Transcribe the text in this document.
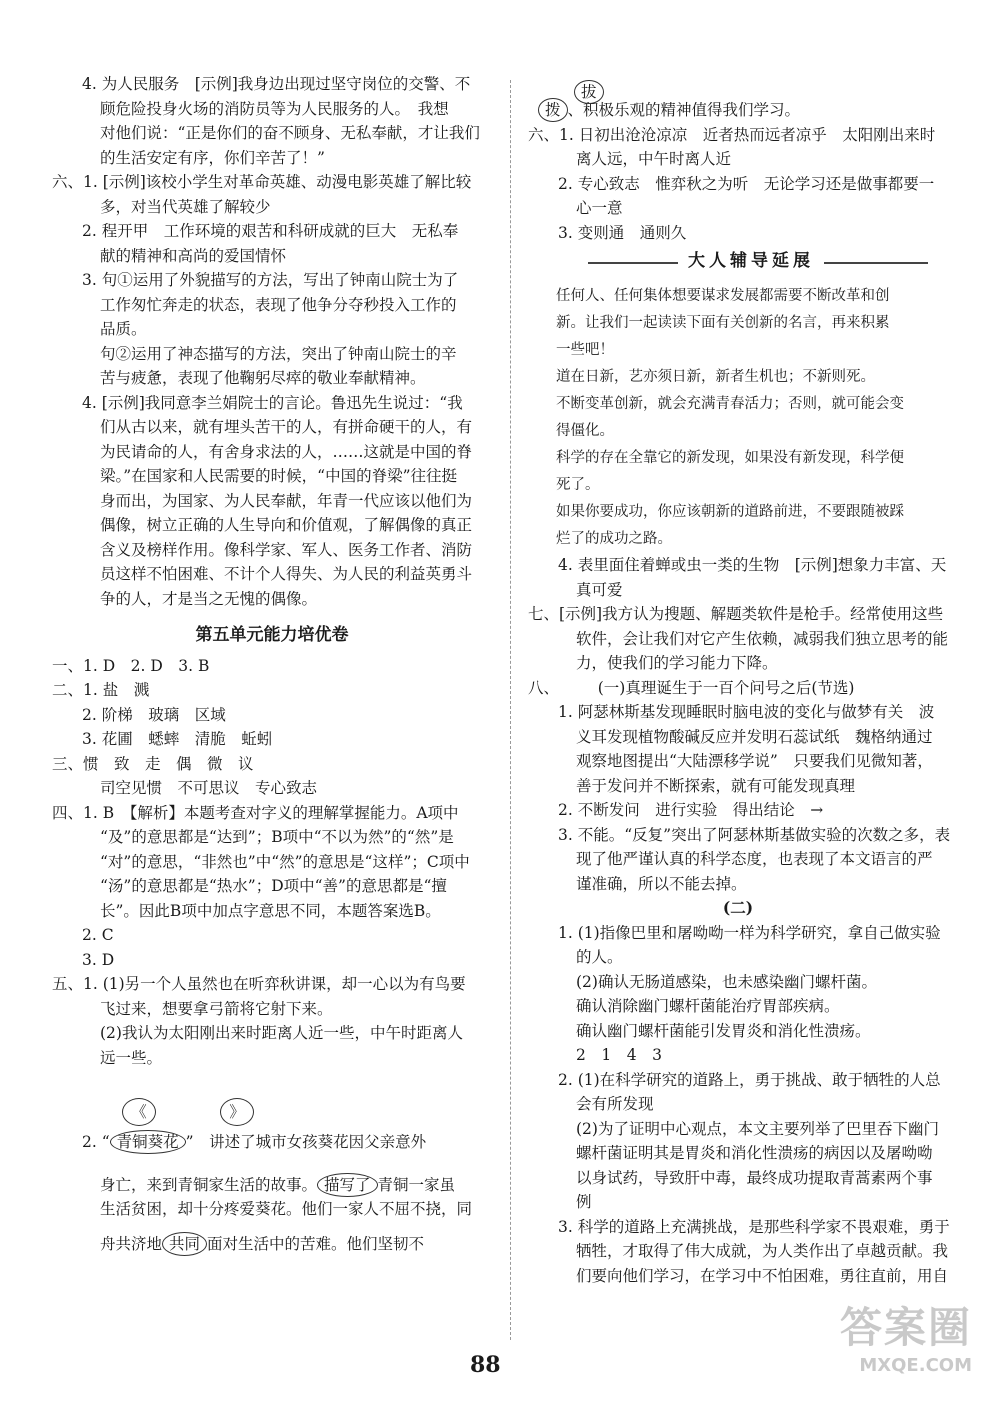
4. 为人民服务　[示例]我身边出现过坚守岗位的交警、不
顾危险投身火场的消防员等为人民服务的人。　我想
对他们说：“正是你们的奋不顾身、无私奉献，才让我们
的生活安定有序，你们辛苦了！”
六、1. [示例]该校小学生对革命英雄、动漫电影英雄了解比较
多，对当代英雄了解较少
2. 程开甲　工作环境的艰苦和科研成就的巨大　无私奉
献的精神和高尚的爱国情怀
3. 句①运用了外貌描写的方法，写出了钟南山院士为了
工作匆忙奔走的状态，表现了他争分夺秒投入工作的
品质。
句②运用了神态描写的方法，突出了钟南山院士的辛
苦与疲惫，表现了他鞠躬尽瘁的敬业奉献精神。
4. [示例]我同意李兰娟院士的言论。鲁迅先生说过：“我
们从古以来，就有埋头苦干的人，有拼命硬干的人，有
为民请命的人，有舍身求法的人，……这就是中国的脊
梁。”在国家和人民需要的时候，“中国的脊梁”往往挺
身而出，为国家、为人民奉献，年青一代应该以他们为
偶像，树立正确的人生导向和价值观，了解偶像的真正
含义及榜样作用。像科学家、军人、医务工作者、消防
员这样不怕困难、不计个人得失、为人民的利益英勇斗
争的人，才是当之无愧的偶像。
第五单元能力培优卷
一、1. D　2. D　3. B
二、1. 盐　溅
2. 阶梯　玻璃　区域
3. 花圃　蟋蟀　清脆　蚯蚓
三、惯　致　走　偶　微　议
司空见惯　不可思议　专心致志
四、1. B　【解析】本题考查对字义的理解掌握能力。A项中
“及”的意思都是“达到”；B项中“不以为然”的“然”是
“对”的意思，“非然也”中“然”的意思是“这样”；C项中
“汤”的意思都是“热水”；D项中“善”的意思都是“擅
长”。因此B项中加点字意思不同，本题答案选B。
2. C
3. D
五、1. (1)另一个人虽然也在听弈秋讲课，却一心以为有鸟要
飞过来，想要拿弓箭将它射下来。
(2)我认为太阳刚出来时距离人近一些，中午时距离人
远一些。
《	》
2. “ 青铜葵花 ”　讲述了城市女孩葵花因父亲意外
身亡，来到青铜家生活的故事。 描写了 青铜一家虽
生活贫困，却十分疼爱葵花。他们一家人不屈不挠，同
舟共济地 共同 面对生活中的苦难。他们坚韧不
拔
拨 、积极乐观的精神值得我们学习。
六、1. 日初出沧沧凉凉　近者热而远者凉乎　太阳刚出来时
离人远，中午时离人近
2. 专心致志　惟弈秋之为听　无论学习还是做事都要一
心一意
3. 变则通　通则久
大人辅导延展
任何人、任何集体想要谋求发展都需要不断改革和创
新。让我们一起读读下面有关创新的名言，再来积累
一些吧！
道在日新，艺亦须日新，新者生机也；不新则死。
不断变革创新，就会充满青春活力；否则，就可能会变
得僵化。
科学的存在全靠它的新发现，如果没有新发现，科学便
死了。
如果你要成功，你应该朝新的道路前进，不要跟随被踩
烂了的成功之路。
4. 表里面住着蝉或虫一类的生物　[示例]想象力丰富、天
真可爱
七、[示例]我方认为搜题、解题类软件是枪手。经常使用这些
软件，会让我们对它产生依赖，减弱我们独立思考的能
力，使我们的学习能力下降。
八、　　　(一)真理诞生于一百个问号之后(节选)
1. 阿瑟林斯基发现睡眠时脑电波的变化与做梦有关　波
义耳发现植物酸碱反应并发明石蕊试纸　魏格纳通过
观察地图提出“大陆漂移学说”　只要我们见微知著，
善于发问并不断探索，就有可能发现真理
2. 不断发问　进行实验　得出结论　→
3. 不能。“反复”突出了阿瑟林斯基做实验的次数之多，表
现了他严谨认真的科学态度，也表现了本文语言的严
谨准确，所以不能去掉。
(二)
1. (1)指像巴里和屠呦呦一样为科学研究，拿自己做实验
的人。
(2)确认无肠道感染，也未感染幽门螺杆菌。
确认消除幽门螺杆菌能治疗胃部疾病。
确认幽门螺杆菌能引发胃炎和消化性溃疡。
2　1　4　3
2. (1)在科学研究的道路上，勇于挑战、敢于牺牲的人总
会有所发现
(2)为了证明中心观点，本文主要列举了巴里吞下幽门
螺杆菌证明其是胃炎和消化性溃疡的病因以及屠呦呦
以身试药，导致肝中毒，最终成功提取青蒿素两个事
例
3. 科学的道路上充满挑战，是那些科学家不畏艰难，勇于
牺牲，才取得了伟大成就，为人类作出了卓越贡献。我
们要向他们学习，在学习中不怕困难，勇往直前，用自
88
答案圈
MXQE.COM
